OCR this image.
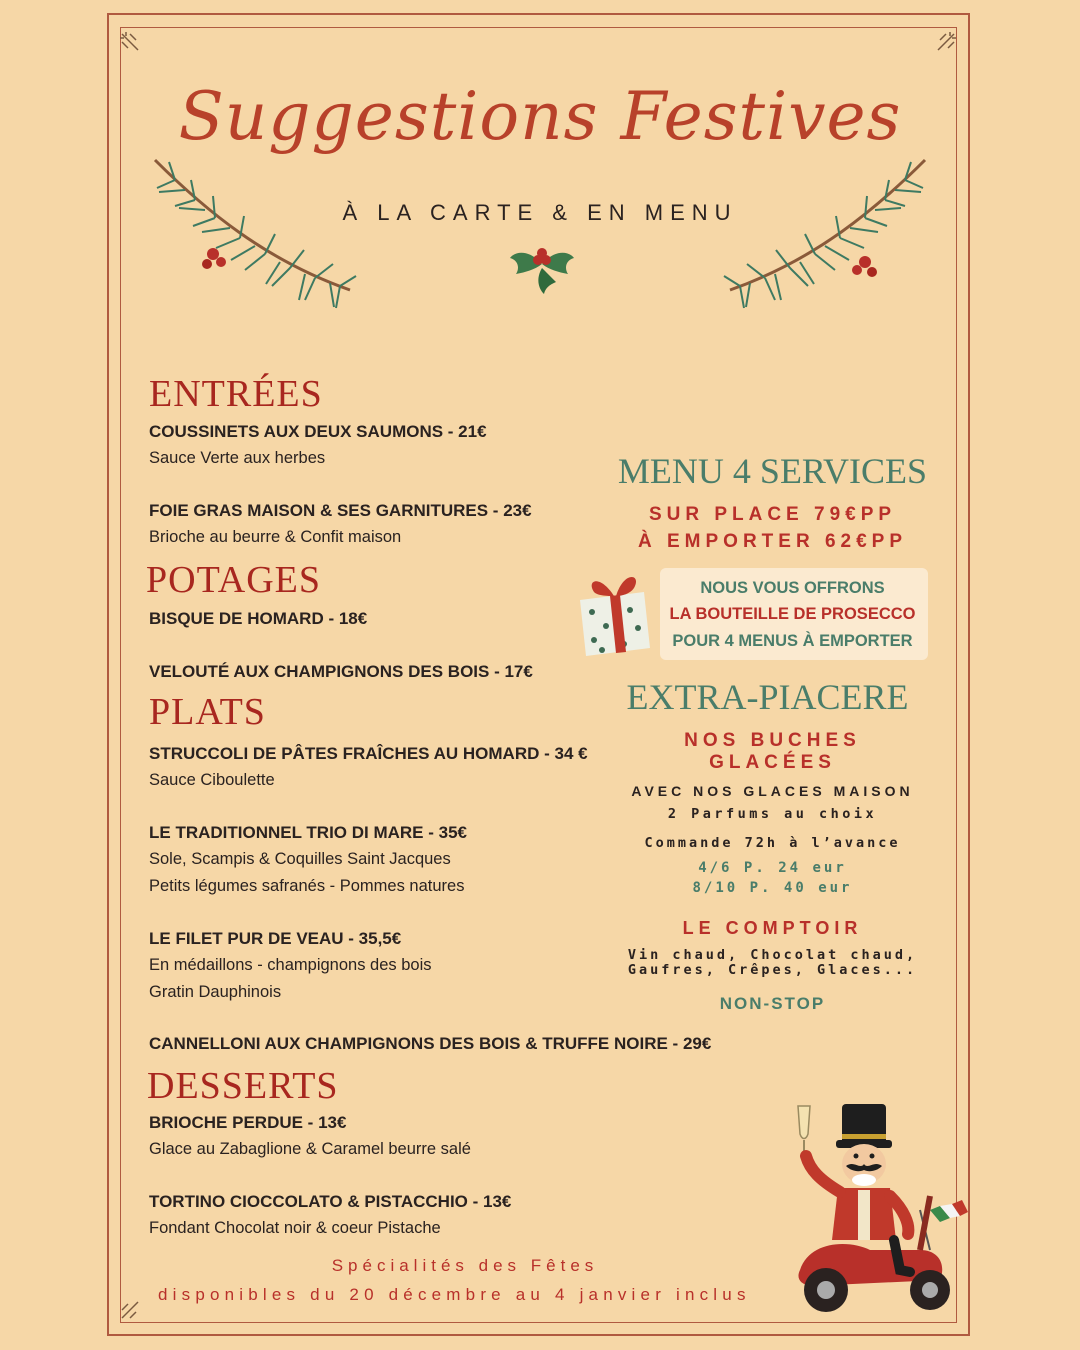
Suggestions Festives
À LA CARTE & EN MENU
ENTRÉES
COUSSINETS AUX DEUX SAUMONS - 21€
Sauce Verte aux herbes
FOIE GRAS MAISON & SES GARNITURES - 23€
Brioche au beurre & Confit maison
POTAGES
BISQUE DE HOMARD - 18€
VELOUTÉ AUX CHAMPIGNONS DES BOIS - 17€
PLATS
STRUCCOLI DE PÂTES FRAÎCHES AU HOMARD - 34 €
Sauce Ciboulette
LE TRADITIONNEL TRIO DI MARE - 35€
Sole, Scampis & Coquilles Saint Jacques
Petits légumes safranés - Pommes natures
LE FILET PUR DE VEAU - 35,5€
En médaillons - champignons des bois
Gratin Dauphinois
CANNELLONI AUX CHAMPIGNONS DES BOIS & TRUFFE NOIRE - 29€
DESSERTS
BRIOCHE PERDUE - 13€
Glace au Zabaglione & Caramel beurre salé
TORTINO CIOCCOLATO & PISTACCHIO - 13€
Fondant Chocolat noir & coeur Pistache
MENU 4 SERVICES
SUR PLACE 79€PP
À EMPORTER 62€PP
NOUS VOUS OFFRONS
LA BOUTEILLE DE PROSECCO
POUR 4 MENUS À EMPORTER
EXTRA-PIACERE
NOS BUCHES
GLACÉES
AVEC NOS GLACES MAISON
2 Parfums au choix
Commande 72h à l’avance
4/6 P. 24 eur
8/10 P. 40 eur
LE COMPTOIR
Vin chaud, Chocolat chaud,
Gaufres, Crêpes, Glaces...
NON-STOP
Spécialités des Fêtes
disponibles du 20 décembre au 4 janvier inclus
